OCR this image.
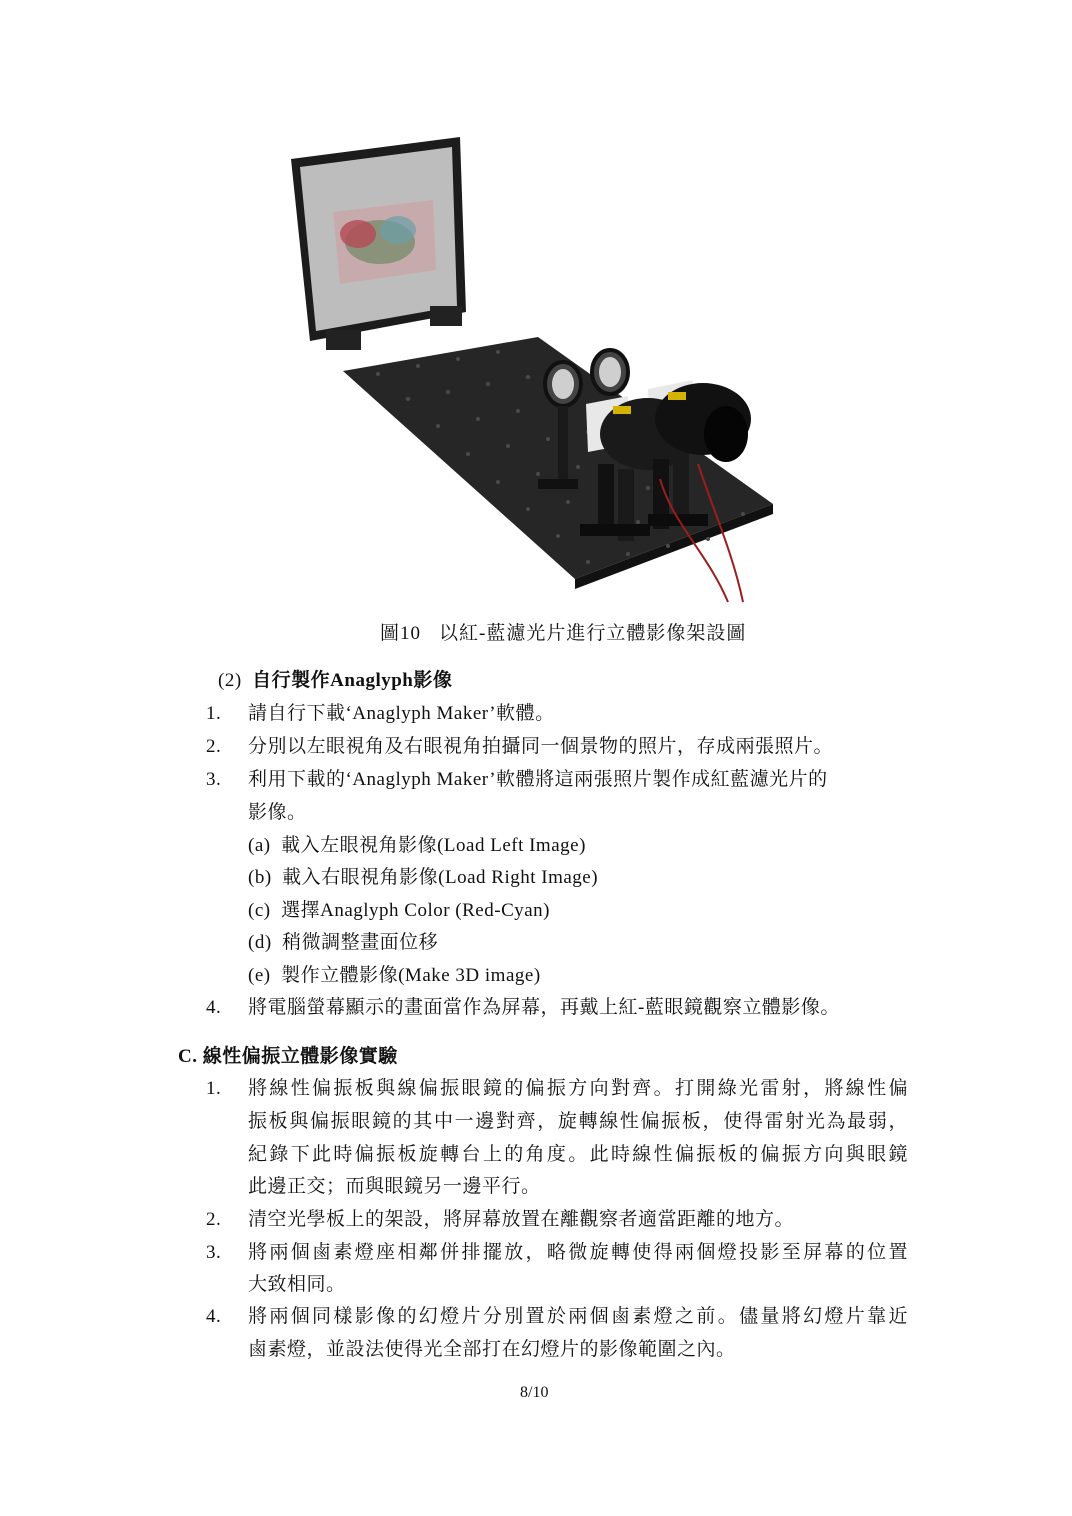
圖10 以紅-藍濾光片進行立體影像架設圖
(2) 自行製作Anaglyph影像
1. 請自行下載‘Anaglyph Maker’軟體。
2. 分別以左眼視角及右眼視角拍攝同一個景物的照片，存成兩張照片。
3. 利用下載的‘Anaglyph Maker’軟體將這兩張照片製作成紅藍濾光片的
影像。
(a) 載入左眼視角影像(Load Left Image)
(b) 載入右眼視角影像(Load Right Image)
(c) 選擇Anaglyph Color (Red-Cyan)
(d) 稍微調整畫面位移
(e) 製作立體影像(Make 3D image)
4. 將電腦螢幕顯示的畫面當作為屏幕，再戴上紅-藍眼鏡觀察立體影像。
C. 線性偏振立體影像實驗
1. 將線性偏振板與線偏振眼鏡的偏振方向對齊。打開綠光雷射，將線性偏
振板與偏振眼鏡的其中一邊對齊，旋轉線性偏振板，使得雷射光為最弱，
紀錄下此時偏振板旋轉台上的角度。此時線性偏振板的偏振方向與眼鏡
此邊正交；而與眼鏡另一邊平行。
2. 清空光學板上的架設，將屏幕放置在離觀察者適當距離的地方。
3. 將兩個鹵素燈座相鄰併排擺放，略微旋轉使得兩個燈投影至屏幕的位置
大致相同。
4. 將兩個同樣影像的幻燈片分別置於兩個鹵素燈之前。儘量將幻燈片靠近
鹵素燈，並設法使得光全部打在幻燈片的影像範圍之內。
8/10
